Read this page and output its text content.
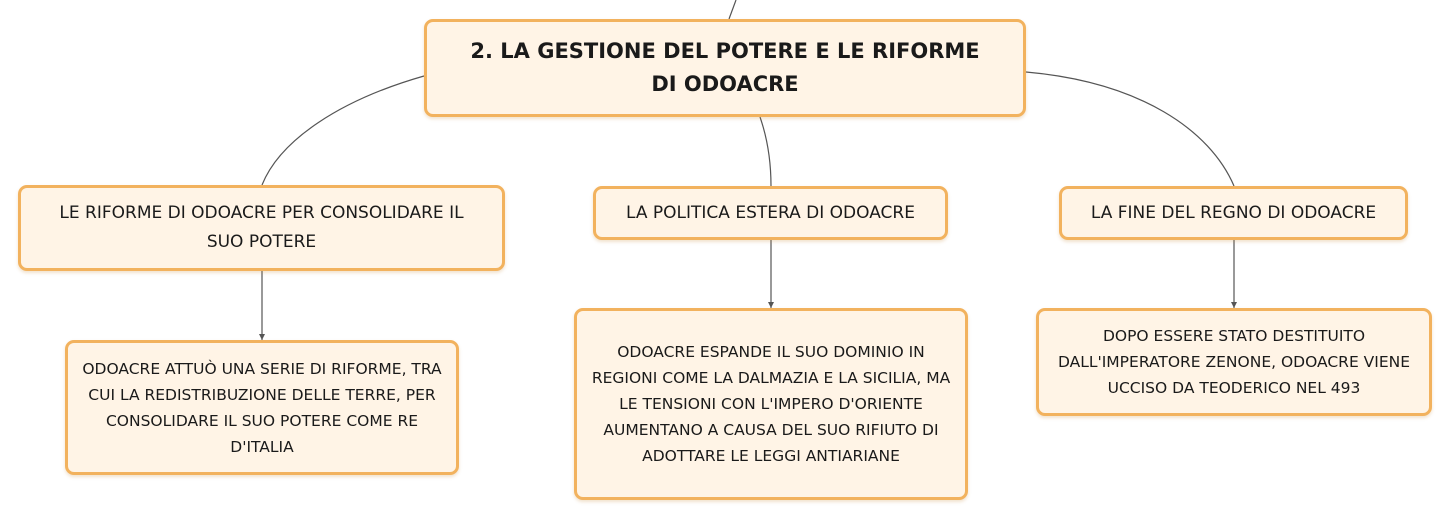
2. LA GESTIONE DEL POTERE E LE RIFORME DI ODOACRE
LE RIFORME DI ODOACRE PER CONSOLIDARE IL SUO POTERE
LA POLITICA ESTERA DI ODOACRE	LA FINE DEL REGNO DI ODOACRE
ODOACRE ATTUÒ UNA SERIE DI RIFORME, TRA CUI LA REDISTRIBUZIONE DELLE TERRE, PER CONSOLIDARE IL SUO POTERE COME RE D'ITALIA
ODOACRE ESPANDE IL SUO DOMINIO IN REGIONI COME LA DALMAZIA E LA SICILIA, MA LE TENSIONI CON L'IMPERO D'ORIENTE AUMENTANO A CAUSA DEL SUO RIFIUTO DI ADOTTARE LE LEGGI ANTIARIANE
DOPO ESSERE STATO DESTITUITO DALL'IMPERATORE ZENONE, ODOACRE VIENE UCCISO DA TEODERICO NEL 493
